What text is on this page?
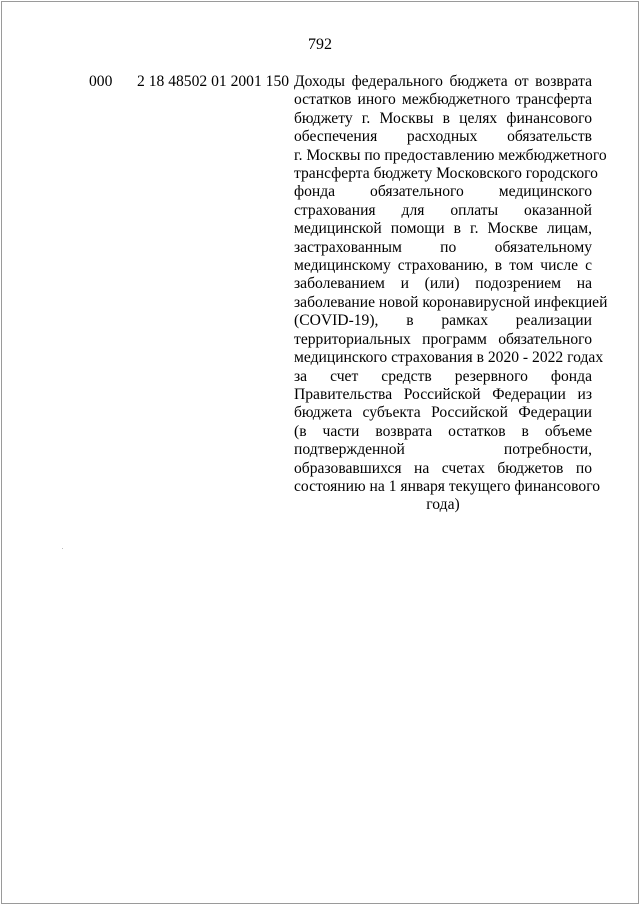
792
000 2 18 48502 01 2001 150 Доходы федерального бюджета от возврата
остатков иного межбюджетного трансферта
бюджету г. Москвы в целях финансового
обеспечения расходных обязательств
г. Москвы по предоставлению межбюджетного
трансферта бюджету Московского городского
фонда обязательного медицинского
страхования для оплаты оказанной
медицинской помощи в г. Москве лицам,
застрахованным по обязательному
медицинскому страхованию, в том числе с
заболеванием и (или) подозрением на
заболевание новой коронавирусной инфекцией
(COVID-19), в рамках реализации
территориальных программ обязательного
медицинского страхования в 2020 - 2022 годах
за счет средств резервного фонда
Правительства Российской Федерации из
бюджета субъекта Российской Федерации
(в части возврата остатков в объеме
подтвержденной потребности,
образовавшихся на счетах бюджетов по
состоянию на 1 января текущего финансового
года)
